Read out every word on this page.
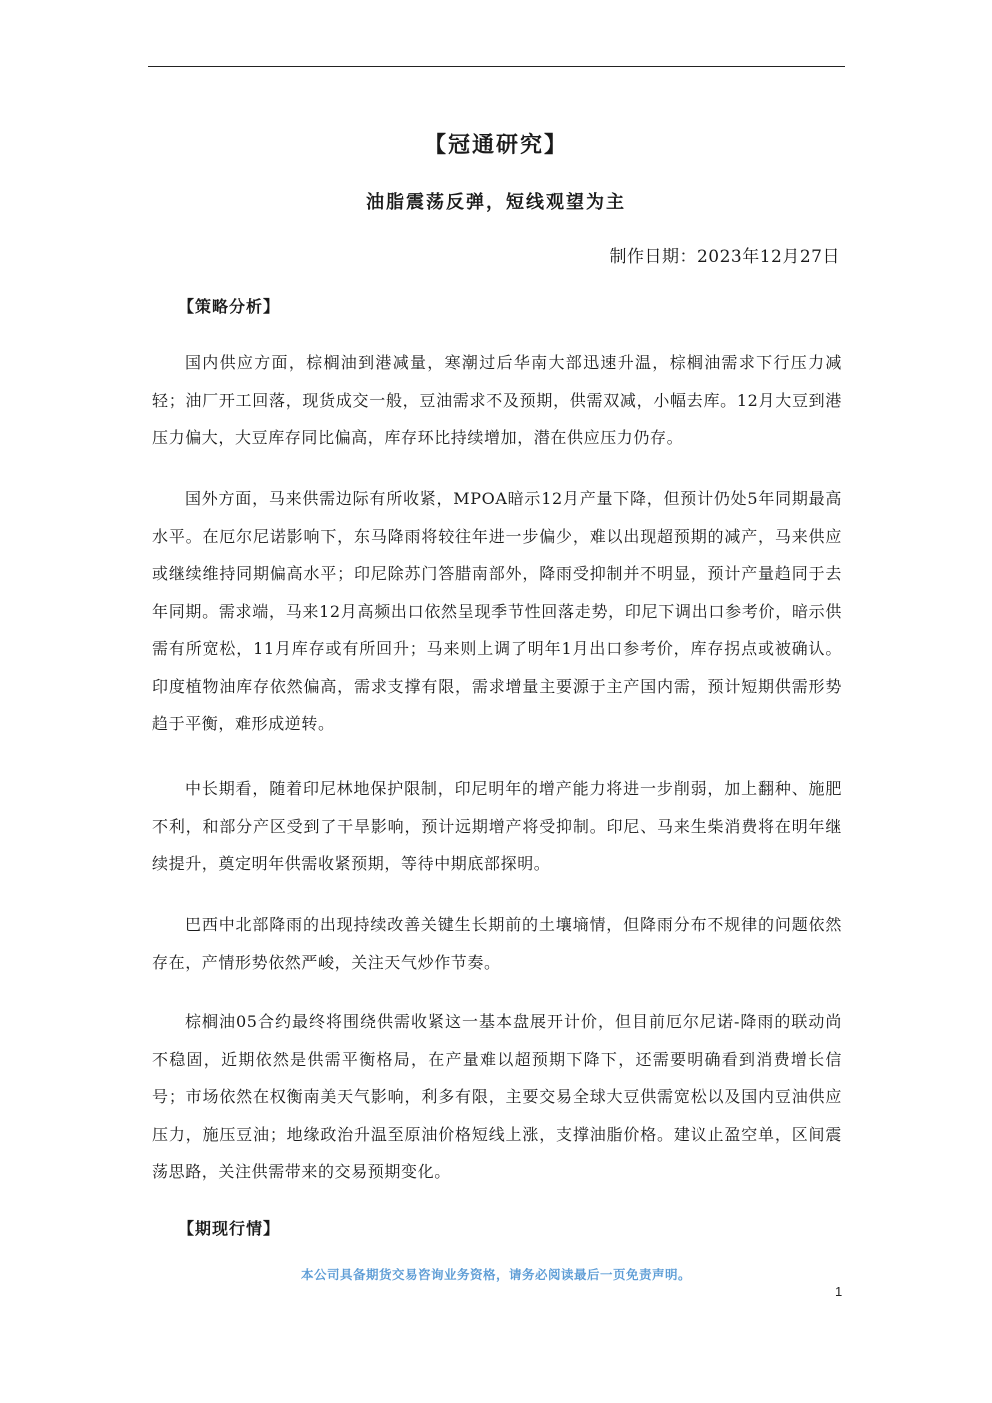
【冠通研究】
油脂震荡反弹，短线观望为主
制作日期：2023年12月27日
【策略分析】

国内供应方面，棕榈油到港减量，寒潮过后华南大部迅速升温，棕榈油需求下行压力减轻；油厂开工回落，现货成交一般，豆油需求不及预期，供需双减，小幅去库。12月大豆到港压力偏大，大豆库存同比偏高，库存环比持续增加，潜在供应压力仍存。

国外方面，马来供需边际有所收紧，MPOA暗示12月产量下降，但预计仍处5年同期最高水平。在厄尔尼诺影响下，东马降雨将较往年进一步偏少，难以出现超预期的减产，马来供应或继续维持同期偏高水平；印尼除苏门答腊南部外，降雨受抑制并不明显，预计产量趋同于去年同期。需求端，马来12月高频出口依然呈现季节性回落走势，印尼下调出口参考价，暗示供需有所宽松，11月库存或有所回升；马来则上调了明年1月出口参考价，库存拐点或被确认。印度植物油库存依然偏高，需求支撑有限，需求增量主要源于主产国内需，预计短期供需形势趋于平衡，难形成逆转。

中长期看，随着印尼林地保护限制，印尼明年的增产能力将进一步削弱，加上翻种、施肥不利，和部分产区受到了干旱影响，预计远期增产将受抑制。印尼、马来生柴消费将在明年继续提升，奠定明年供需收紧预期，等待中期底部探明。

巴西中北部降雨的出现持续改善关键生长期前的土壤墒情，但降雨分布不规律的问题依然存在，产情形势依然严峻，关注天气炒作节奏。

棕榈油05合约最终将围绕供需收紧这一基本盘展开计价，但目前厄尔尼诺-降雨的联动尚不稳固，近期依然是供需平衡格局，在产量难以超预期下降下，还需要明确看到消费增长信号；市场依然在权衡南美天气影响，利多有限，主要交易全球大豆供需宽松以及国内豆油供应压力，施压豆油；地缘政治升温至原油价格短线上涨，支撑油脂价格。建议止盈空单，区间震荡思路，关注供需带来的交易预期变化。

【期现行情】
本公司具备期货交易咨询业务资格，请务必阅读最后一页免责声明。
1
